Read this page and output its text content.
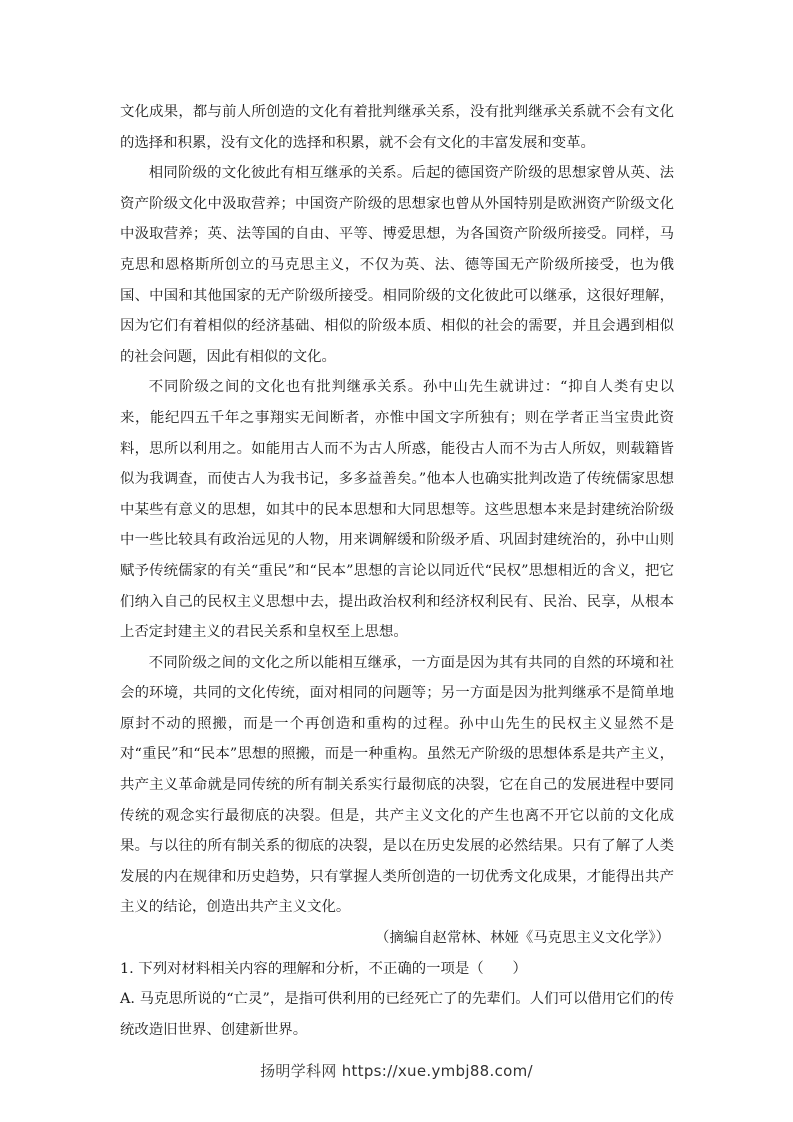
文化成果，都与前人所创造的文化有着批判继承关系，没有批判继承关系就不会有文化的选择和积累，没有文化的选择和积累，就不会有文化的丰富发展和变革。

相同阶级的文化彼此有相互继承的关系。后起的德国资产阶级的思想家曾从英、法资产阶级文化中汲取营养；中国资产阶级的思想家也曾从外国特别是欧洲资产阶级文化中汲取营养；英、法等国的自由、平等、博爱思想，为各国资产阶级所接受。同样，马克思和恩格斯所创立的马克思主义，不仅为英、法、德等国无产阶级所接受，也为俄国、中国和其他国家的无产阶级所接受。相同阶级的文化彼此可以继承，这很好理解，因为它们有着相似的经济基础、相似的阶级本质、相似的社会的需要，并且会遇到相似的社会问题，因此有相似的文化。

不同阶级之间的文化也有批判继承关系。孙中山先生就讲过：“抑自人类有史以来，能纪四五千年之事翔实无间断者，亦惟中国文字所独有；则在学者正当宝贵此资料，思所以利用之。如能用古人而不为古人所惑，能役古人而不为古人所奴，则载籍皆似为我调查，而使古人为我书记，多多益善矣。”他本人也确实批判改造了传统儒家思想中某些有意义的思想，如其中的民本思想和大同思想等。这些思想本来是封建统治阶级中一些比较具有政治远见的人物，用来调解缓和阶级矛盾、巩固封建统治的，孙中山则赋予传统儒家的有关“重民”和“民本”思想的言论以同近代“民权”思想相近的含义，把它们纳入自己的民权主义思想中去，提出政治权利和经济权利民有、民治、民享，从根本上否定封建主义的君民关系和皇权至上思想。

不同阶级之间的文化之所以能相互继承，一方面是因为其有共同的自然的环境和社会的环境，共同的文化传统，面对相同的问题等；另一方面是因为批判继承不是简单地原封不动的照搬，而是一个再创造和重构的过程。孙中山先生的民权主义显然不是对“重民”和“民本”思想的照搬，而是一种重构。虽然无产阶级的思想体系是共产主义，共产主义革命就是同传统的所有制关系实行最彻底的决裂，它在自己的发展进程中要同传统的观念实行最彻底的决裂。但是，共产主义文化的产生也离不开它以前的文化成果。与以往的所有制关系的彻底的决裂，是以在历史发展的必然结果。只有了解了人类发展的内在规律和历史趋势，只有掌握人类所创造的一切优秀文化成果，才能得出共产主义的结论，创造出共产主义文化。

（摘编自赵常林、林娅《马克思主义文化学》）

1. 下列对材料相关内容的理解和分析，不正确的一项是（　　）

A. 马克思所说的“亡灵”，是指可供利用的已经死亡了的先辈们。人们可以借用它们的传统改造旧世界、创建新世界。

扬明学科网 https://xue.ymbj88.com/
